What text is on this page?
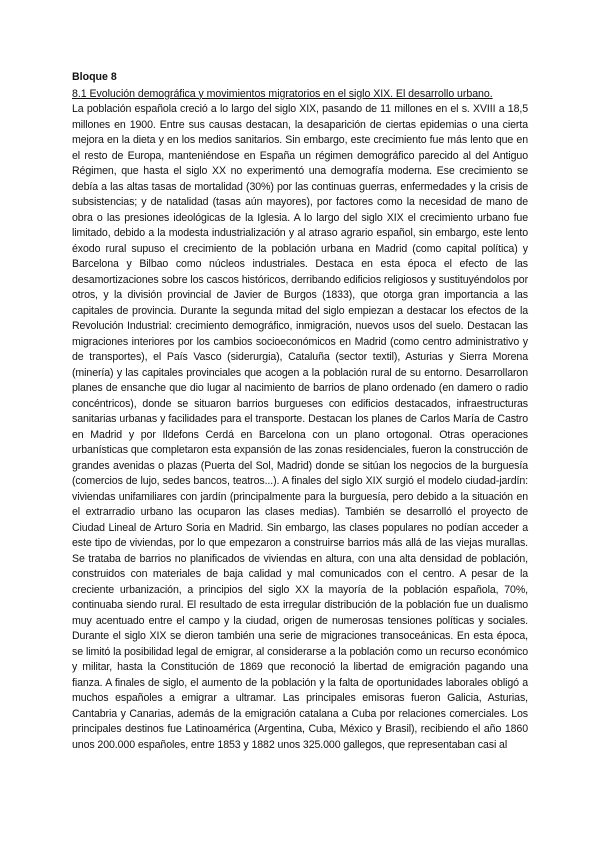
Bloque 8
8.1 Evolución demográfica y movimientos migratorios en el siglo XIX. El desarrollo urbano.

La población española creció a lo largo del siglo XIX, pasando de 11 millones en el s. XVIII a 18,5 millones en 1900. Entre sus causas destacan, la desaparición de ciertas epidemias o una cierta mejora en la dieta y en los medios sanitarios. Sin embargo, este crecimiento fue más lento que en el resto de Europa, manteniéndose en España un régimen demográfico parecido al del Antiguo Régimen, que hasta el siglo XX no experimentó una demografía moderna. Ese crecimiento se debía a las altas tasas de mortalidad (30%) por las continuas guerras, enfermedades y la crisis de subsistencias; y de natalidad (tasas aún mayores), por factores como la necesidad de mano de obra o las presiones ideológicas de la Iglesia. A lo largo del siglo XIX el crecimiento urbano fue limitado, debido a la modesta industrialización y al atraso agrario español, sin embargo, este lento éxodo rural supuso el crecimiento de la población urbana en Madrid (como capital política) y Barcelona y Bilbao como núcleos industriales. Destaca en esta época el efecto de las desamortizaciones sobre los cascos históricos, derribando edificios religiosos y sustituyéndolos por otros, y la división provincial de Javier de Burgos (1833), que otorga gran importancia a las capitales de provincia. Durante la segunda mitad del siglo empiezan a destacar los efectos de la Revolución Industrial: crecimiento demográfico, inmigración, nuevos usos del suelo. Destacan las migraciones interiores por los cambios socioeconómicos en Madrid (como centro administrativo y de transportes), el País Vasco (siderurgia), Cataluña (sector textil), Asturias y Sierra Morena (minería) y las capitales provinciales que acogen a la población rural de su entorno. Desarrollaron planes de ensanche que dio lugar al nacimiento de barrios de plano ordenado (en damero o radio concéntricos), donde se situaron barrios burgueses con edificios destacados, infraestructuras sanitarias urbanas y facilidades para el transporte. Destacan los planes de Carlos María de Castro en Madrid y por Ildefons Cerdá en Barcelona con un plano ortogonal. Otras operaciones urbanísticas que completaron esta expansión de las zonas residenciales, fueron la construcción de grandes avenidas o plazas (Puerta del Sol, Madrid) donde se sitúan los negocios de la burguesía (comercios de lujo, sedes bancos, teatros...). A finales del siglo XIX surgió el modelo ciudad-jardín: viviendas unifamiliares con jardín (principalmente para la burguesía, pero debido a la situación en el extrarradio urbano las ocuparon las clases medias). También se desarrolló el proyecto de Ciudad Lineal de Arturo Soria en Madrid. Sin embargo, las clases populares no podían acceder a este tipo de viviendas, por lo que empezaron a construirse barrios más allá de las viejas murallas. Se trataba de barrios no planificados de viviendas en altura, con una alta densidad de población, construidos con materiales de baja calidad y mal comunicados con el centro. A pesar de la creciente urbanización, a principios del siglo XX la mayoría de la población española, 70%, continuaba siendo rural. El resultado de esta irregular distribución de la población fue un dualismo muy acentuado entre el campo y la ciudad, origen de numerosas tensiones políticas y sociales. Durante el siglo XIX se dieron también una serie de migraciones transoceánicas. En esta época, se limitó la posibilidad legal de emigrar, al considerarse a la población como un recurso económico y militar, hasta la Constitución de 1869 que reconoció la libertad de emigración pagando una fianza. A finales de siglo, el aumento de la población y la falta de oportunidades laborales obligó a muchos españoles a emigrar a ultramar. Las principales emisoras fueron Galicia, Asturias, Cantabria y Canarias, además de la emigración catalana a Cuba por relaciones comerciales. Los principales destinos fue Latinoamérica (Argentina, Cuba, México y Brasil), recibiendo el año 1860 unos 200.000 españoles, entre 1853 y 1882 unos 325.000 gallegos, que representaban casi al
